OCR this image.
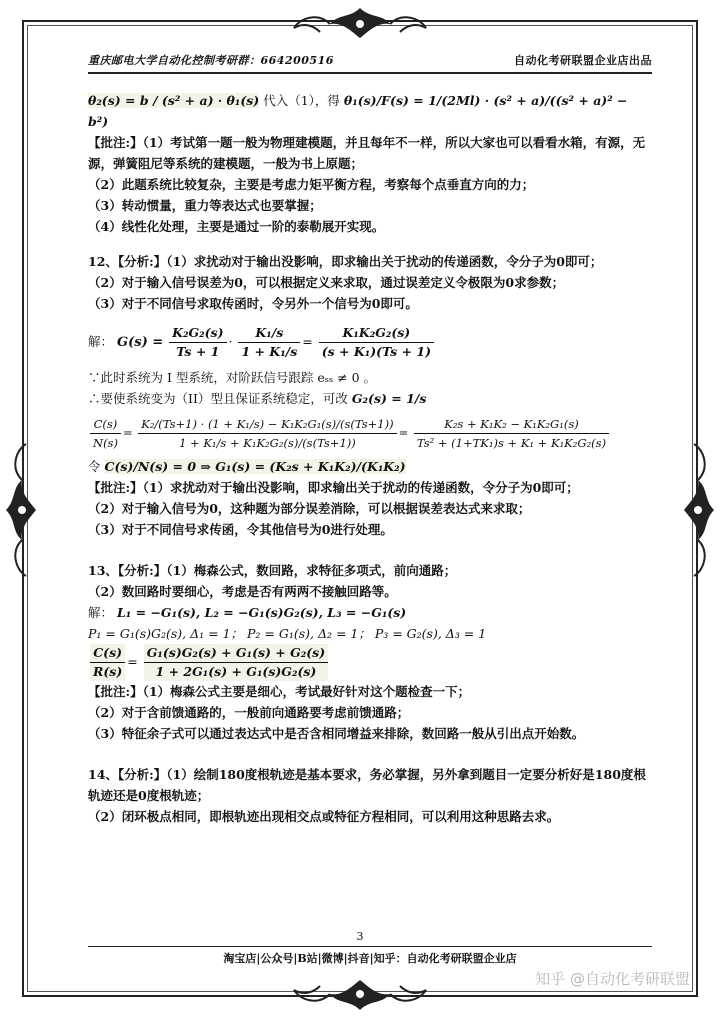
重庆邮电大学自动化控制考研群：664200516	自动化考研联盟企业店出品

θ₂(s) = b / (s² + a) · θ₁(s) 代入（1），得 θ₁(s)/F(s) = 1/(2Ml) · (s² + a)/((s² + a)² − b²)

【批注:】（1）考试第一题一般为物理建模题，并且每年不一样，所以大家也可以看看水箱，有源，无源，弹簧阻尼等系统的建模题，一般为书上原题；

（2）此题系统比较复杂，主要是考虑力矩平衡方程，考察每个点垂直方向的力；

（3）转动惯量，重力等表达式也要掌握；

（4）线性化处理，主要是通过一阶的泰勒展开实现。

12、【分析:】（1）求扰动对于输出没影响，即求输出关于扰动的传递函数，令分子为0即可；

（2）对于输入信号误差为0，可以根据定义来求取，通过误差定义令极限为0求参数；

（3）对于不同信号求取传函时，令另外一个信号为0即可。

解： $G(s) = \frac{\text{K₂G₂(s)}}{Ts + 1} \cdot \frac{\text{K₁/s}}{\text{1 + K₁/s}} = \frac{\text{K₁K₂G₂(s)}}{\text{(s + K₁)(Ts + 1)}}$

∵此时系统为 I 型系统，对阶跃信号跟踪 eₛₛ ≠ 0 。

∴要使系统变为（II）型且保证系统稳定，可改 G₂(s) = 1/s

$\frac{C(s)}{N(s)} = \frac{\text{K₂/(Ts+1) · (1 + K₁/s) − K₁K₂G₁(s)/(s(Ts+1))}}{\text{1 + K₁/s + K₁K₂G₂(s)/(s(Ts+1))}} = \frac{\text{K₂s + K₁K₂ − K₁K₂G₁(s)}}{\text{Ts² + (1+TK₁)s + K₁ + K₁K₂G₂(s)}}$

令 C(s)/N(s) = 0 ⇒ G₁(s) = (K₂s + K₁K₂)/(K₁K₂)

【批注:】（1）求扰动对于输出没影响，即求输出关于扰动的传递函数，令分子为0即可；

（2）对于输入信号为0，这种题为部分误差消除，可以根据误差表达式来求取；

（3）对于不同信号求传函，令其他信号为0进行处理。

13、【分析:】（1）梅森公式，数回路，求特征多项式，前向通路；

（2）数回路时要细心，考虑是否有两两不接触回路等。

解： L₁ = −G₁(s), L₂ = −G₁(s)G₂(s), L₃ = −G₁(s)

P₁ = G₁(s)G₂(s), Δ₁ = 1； P₂ = G₁(s), Δ₂ = 1； P₃ = G₂(s), Δ₃ = 1

$\frac{C(s)}{R(s)} = \frac{\text{G₁(s)G₂(s) + G₁(s) + G₂(s)}}{\text{1 + 2G₁(s) + G₁(s)G₂(s)}}$

【批注:】（1）梅森公式主要是细心，考试最好针对这个题检查一下；

（2）对于含前馈通路的，一般前向通路要考虑前馈通路；

（3）特征余子式可以通过表达式中是否含相同增益来排除，数回路一般从引出点开始数。

14、【分析:】（1）绘制180度根轨迹是基本要求，务必掌握，另外拿到题目一定要分析好是180度根轨迹还是0度根轨迹；

（2）闭环极点相同，即根轨迹出现相交点或特征方程相同，可以利用这种思路去求。

3
淘宝店|公众号|B站|微博|抖音|知乎：自动化考研联盟企业店
知乎 @自动化考研联盟
